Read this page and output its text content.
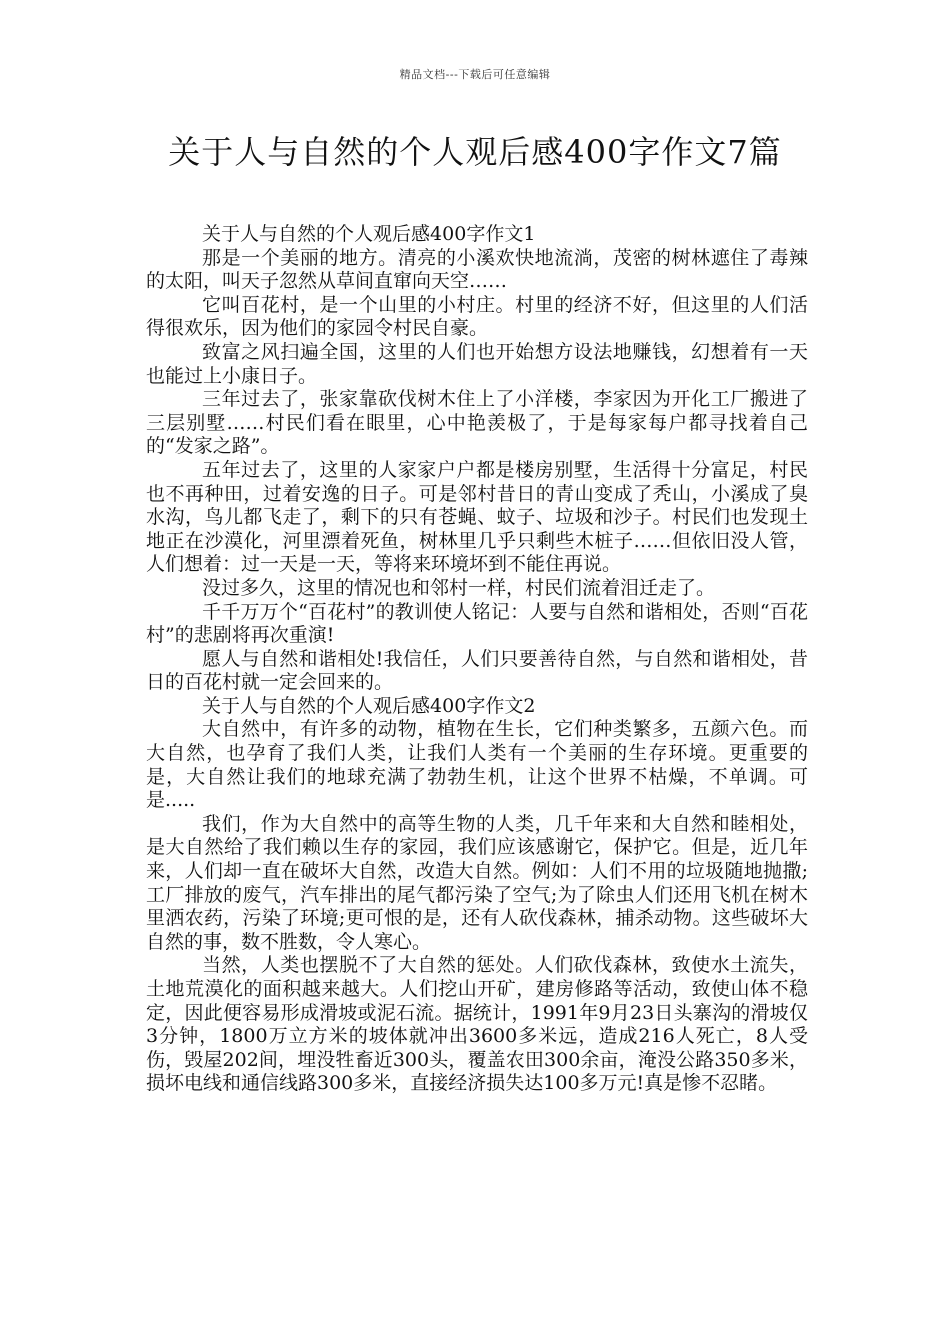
精品文档---下载后可任意编辑
关于人与自然的个人观后感400字作文7篇

关于人与自然的个人观后感400字作文1

那是一个美丽的地方。清亮的小溪欢快地流淌，茂密的树林遮住了毒辣的太阳，叫天子忽然从草间直窜向天空……

它叫百花村，是一个山里的小村庄。村里的经济不好，但这里的人们活得很欢乐，因为他们的家园令村民自豪。

致富之风扫遍全国，这里的人们也开始想方设法地赚钱，幻想着有一天也能过上小康日子。

三年过去了，张家靠砍伐树木住上了小洋楼，李家因为开化工厂搬进了三层别墅……村民们看在眼里，心中艳羡极了，于是每家每户都寻找着自己的“发家之路”。

五年过去了，这里的人家家户户都是楼房别墅，生活得十分富足，村民也不再种田，过着安逸的日子。可是邻村昔日的青山变成了秃山，小溪成了臭水沟，鸟儿都飞走了，剩下的只有苍蝇、蚊子、垃圾和沙子。村民们也发现土地正在沙漠化，河里漂着死鱼，树林里几乎只剩些木桩子……但依旧没人管，人们想着：过一天是一天，等将来环境坏到不能住再说。

没过多久，这里的情况也和邻村一样，村民们流着泪迁走了。

千千万万个“百花村”的教训使人铭记：人要与自然和谐相处，否则“百花村”的悲剧将再次重演!

愿人与自然和谐相处!我信任，人们只要善待自然，与自然和谐相处，昔日的百花村就一定会回来的。

关于人与自然的个人观后感400字作文2

大自然中，有许多的动物，植物在生长，它们种类繁多，五颜六色。而大自然，也孕育了我们人类，让我们人类有一个美丽的生存环境。更重要的是，大自然让我们的地球充满了勃勃生机，让这个世界不枯燥，不单调。可是.....

我们，作为大自然中的高等生物的人类，几千年来和大自然和睦相处，是大自然给了我们赖以生存的家园，我们应该感谢它，保护它。但是，近几年来，人们却一直在破坏大自然，改造大自然。例如：人们不用的垃圾随地抛撒;工厂排放的废气，汽车排出的尾气都污染了空气;为了除虫人们还用飞机在树木里洒农药，污染了环境;更可恨的是，还有人砍伐森林，捕杀动物。这些破坏大自然的事，数不胜数，令人寒心。

当然，人类也摆脱不了大自然的惩处。人们砍伐森林，致使水土流失，土地荒漠化的面积越来越大。人们挖山开矿，建房修路等活动，致使山体不稳定，因此便容易形成滑坡或泥石流。据统计，1991年9月23日头寨沟的滑坡仅3分钟，1800万立方米的坡体就冲出3600多米远，造成216人死亡，8人受伤，毁屋202间，埋没牲畜近300头，覆盖农田300余亩，淹没公路350多米，损坏电线和通信线路300多米，直接经济损失达100多万元!真是惨不忍睹。
